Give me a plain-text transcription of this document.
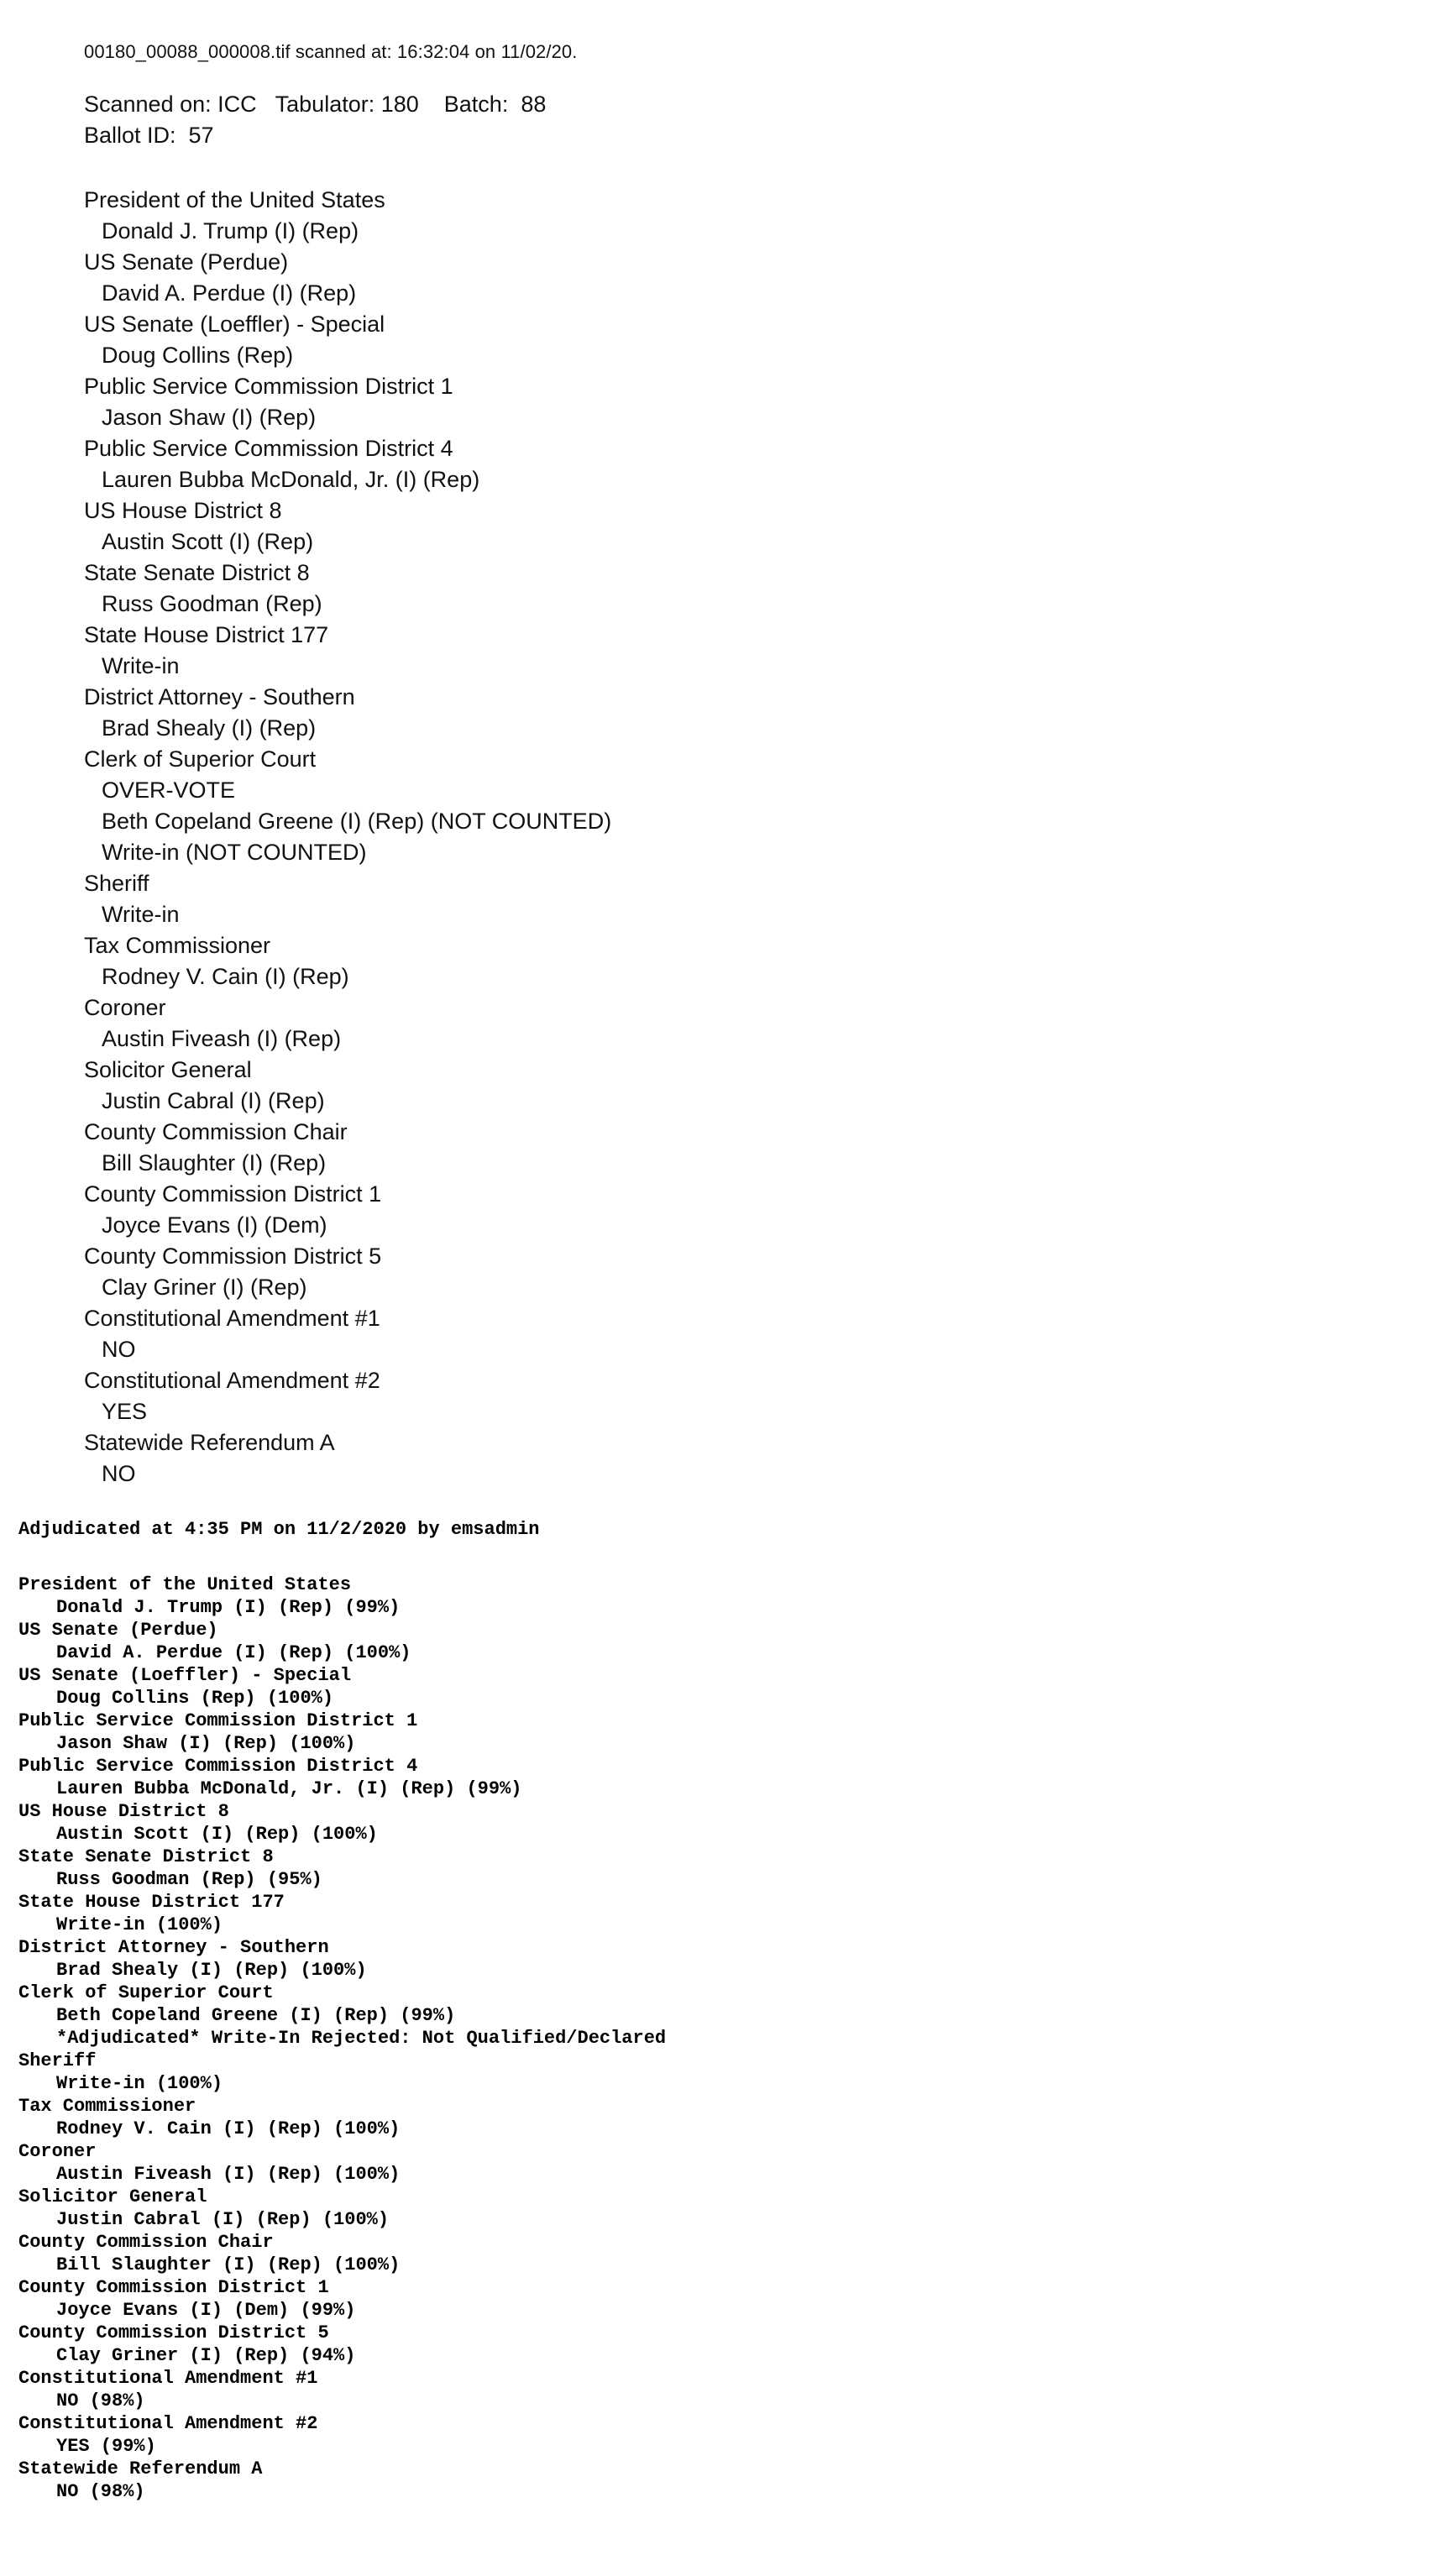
00180_00088_000008.tif scanned at: 16:32:04 on 11/02/20.
Scanned on: ICC   Tabulator: 180    Batch:  88
Ballot ID:  57
President of the United States
Donald J. Trump (I) (Rep)
US Senate (Perdue)
David A. Perdue (I) (Rep)
US Senate (Loeffler) - Special
Doug Collins (Rep)
Public Service Commission District 1
Jason Shaw (I) (Rep)
Public Service Commission District 4
Lauren Bubba McDonald, Jr. (I) (Rep)
US House District 8
Austin Scott (I) (Rep)
State Senate District 8
Russ Goodman (Rep)
State House District 177
Write-in
District Attorney - Southern
Brad Shealy (I) (Rep)
Clerk of Superior Court
OVER-VOTE
Beth Copeland Greene (I) (Rep) (NOT COUNTED)
Write-in (NOT COUNTED)
Sheriff
Write-in
Tax Commissioner
Rodney V. Cain (I) (Rep)
Coroner
Austin Fiveash (I) (Rep)
Solicitor General
Justin Cabral (I) (Rep)
County Commission Chair
Bill Slaughter (I) (Rep)
County Commission District 1
Joyce Evans (I) (Dem)
County Commission District 5
Clay Griner (I) (Rep)
Constitutional Amendment #1
NO
Constitutional Amendment #2
YES
Statewide Referendum A
NO
Adjudicated at 4:35 PM on 11/2/2020 by emsadmin
President of the United States
Donald J. Trump (I) (Rep) (99%)
US Senate (Perdue)
David A. Perdue (I) (Rep) (100%)
US Senate (Loeffler) - Special
Doug Collins (Rep) (100%)
Public Service Commission District 1
Jason Shaw (I) (Rep) (100%)
Public Service Commission District 4
Lauren Bubba McDonald, Jr. (I) (Rep) (99%)
US House District 8
Austin Scott (I) (Rep) (100%)
State Senate District 8
Russ Goodman (Rep) (95%)
State House District 177
Write-in (100%)
District Attorney - Southern
Brad Shealy (I) (Rep) (100%)
Clerk of Superior Court
Beth Copeland Greene (I) (Rep) (99%)
*Adjudicated* Write-In Rejected: Not Qualified/Declared
Sheriff
Write-in (100%)
Tax Commissioner
Rodney V. Cain (I) (Rep) (100%)
Coroner
Austin Fiveash (I) (Rep) (100%)
Solicitor General
Justin Cabral (I) (Rep) (100%)
County Commission Chair
Bill Slaughter (I) (Rep) (100%)
County Commission District 1
Joyce Evans (I) (Dem) (99%)
County Commission District 5
Clay Griner (I) (Rep) (94%)
Constitutional Amendment #1
NO (98%)
Constitutional Amendment #2
YES (99%)
Statewide Referendum A
NO (98%)
